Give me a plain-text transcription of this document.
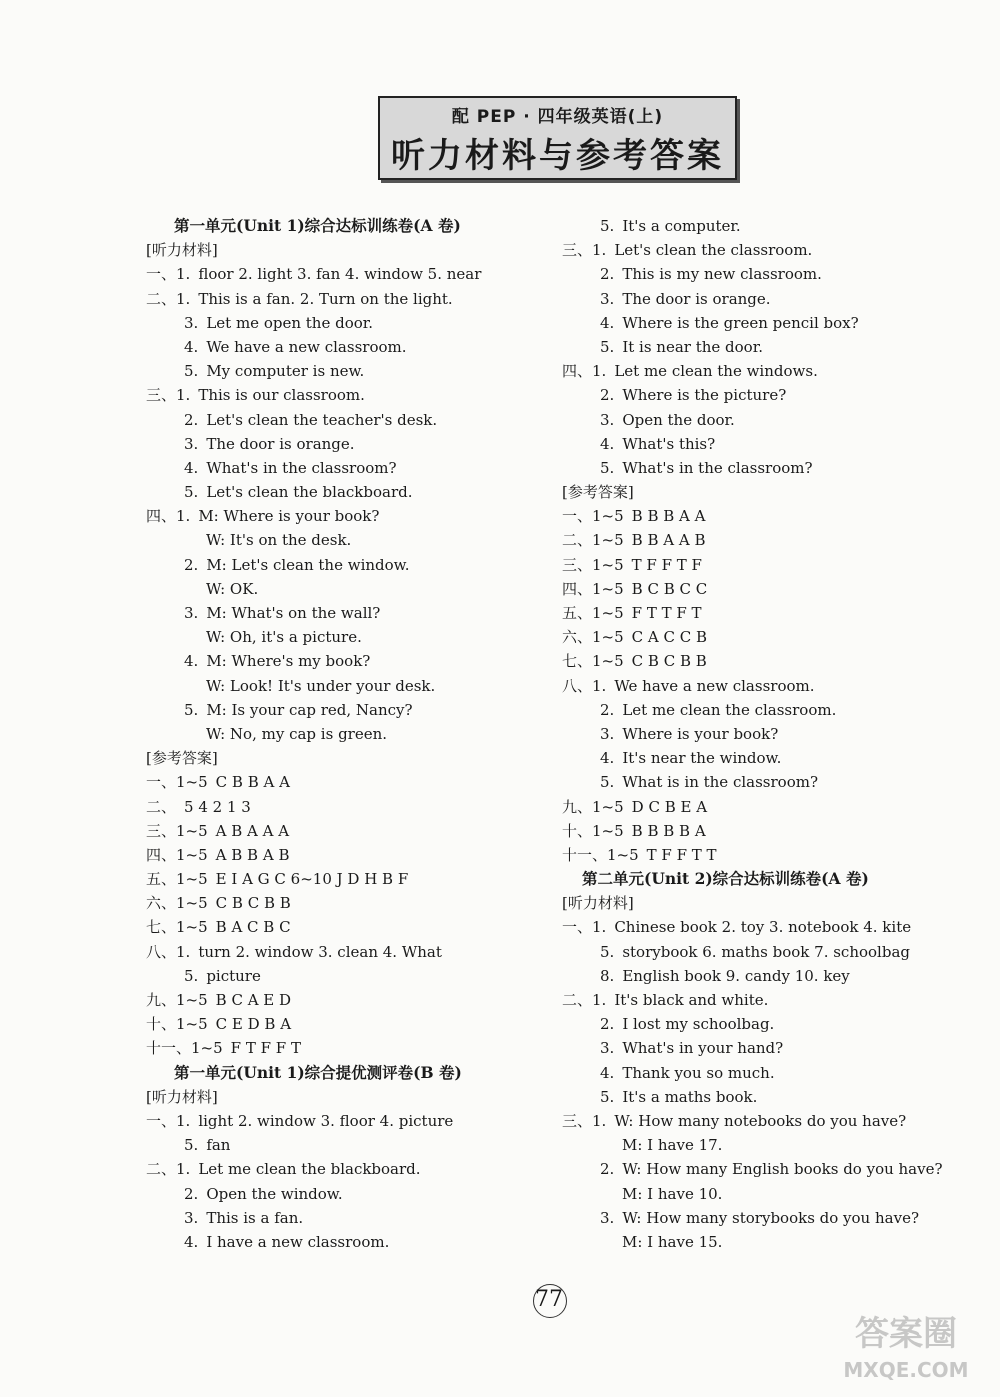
配 PEP · 四年级英语(上)
听力材料与参考答案
第一单元(Unit 1)综合达标训练卷(A 卷)
[听力材料]
一、1. floor 2. light 3. fan 4. window 5. near
二、1. This is a fan. 2. Turn on the light.
3. Let me open the door.
4. We have a new classroom.
5. My computer is new.
三、1. This is our classroom.
2. Let's clean the teacher's desk.
3. The door is orange.
4. What's in the classroom?
5. Let's clean the blackboard.
四、1. M: Where is your book?
W: It's on the desk.
2. M: Let's clean the window.
W: OK.
3. M: What's on the wall?
W: Oh, it's a picture.
4. M: Where's my book?
W: Look! It's under your desk.
5. M: Is your cap red, Nancy?
W: No, my cap is green.
[参考答案]
一、1~5 C B B A A
二、 5 4 2 1 3
三、1~5 A B A A A
四、1~5 A B B A B
五、1~5 E I A G C 6~10 J D H B F
六、1~5 C B C B B
七、1~5 B A C B C
八、1. turn 2. window 3. clean 4. What
5. picture
九、1~5 B C A E D
十、1~5 C E D B A
十一、1~5 F T F F T
第一单元(Unit 1)综合提优测评卷(B 卷)
[听力材料]
一、1. light 2. window 3. floor 4. picture
5. fan
二、1. Let me clean the blackboard.
2. Open the window.
3. This is a fan.
4. I have a new classroom.
5. It's a computer.
三、1. Let's clean the classroom.
2. This is my new classroom.
3. The door is orange.
4. Where is the green pencil box?
5. It is near the door.
四、1. Let me clean the windows.
2. Where is the picture?
3. Open the door.
4. What's this?
5. What's in the classroom?
[参考答案]
一、1~5 B B B A A
二、1~5 B B A A B
三、1~5 T F F T F
四、1~5 B C B C C
五、1~5 F T T F T
六、1~5 C A C C B
七、1~5 C B C B B
八、1. We have a new classroom.
2. Let me clean the classroom.
3. Where is your book?
4. It's near the window.
5. What is in the classroom?
九、1~5 D C B E A
十、1~5 B B B B A
十一、1~5 T F F T T
第二单元(Unit 2)综合达标训练卷(A 卷)
[听力材料]
一、1. Chinese book 2. toy 3. notebook 4. kite
5. storybook 6. maths book 7. schoolbag
8. English book 9. candy 10. key
二、1. It's black and white.
2. I lost my schoolbag.
3. What's in your hand?
4. Thank you so much.
5. It's a maths book.
三、1. W: How many notebooks do you have?
M: I have 17.
2. W: How many English books do you have?
M: I have 10.
3. W: How many storybooks do you have?
M: I have 15.
77
答案圈
MXQE.COM
